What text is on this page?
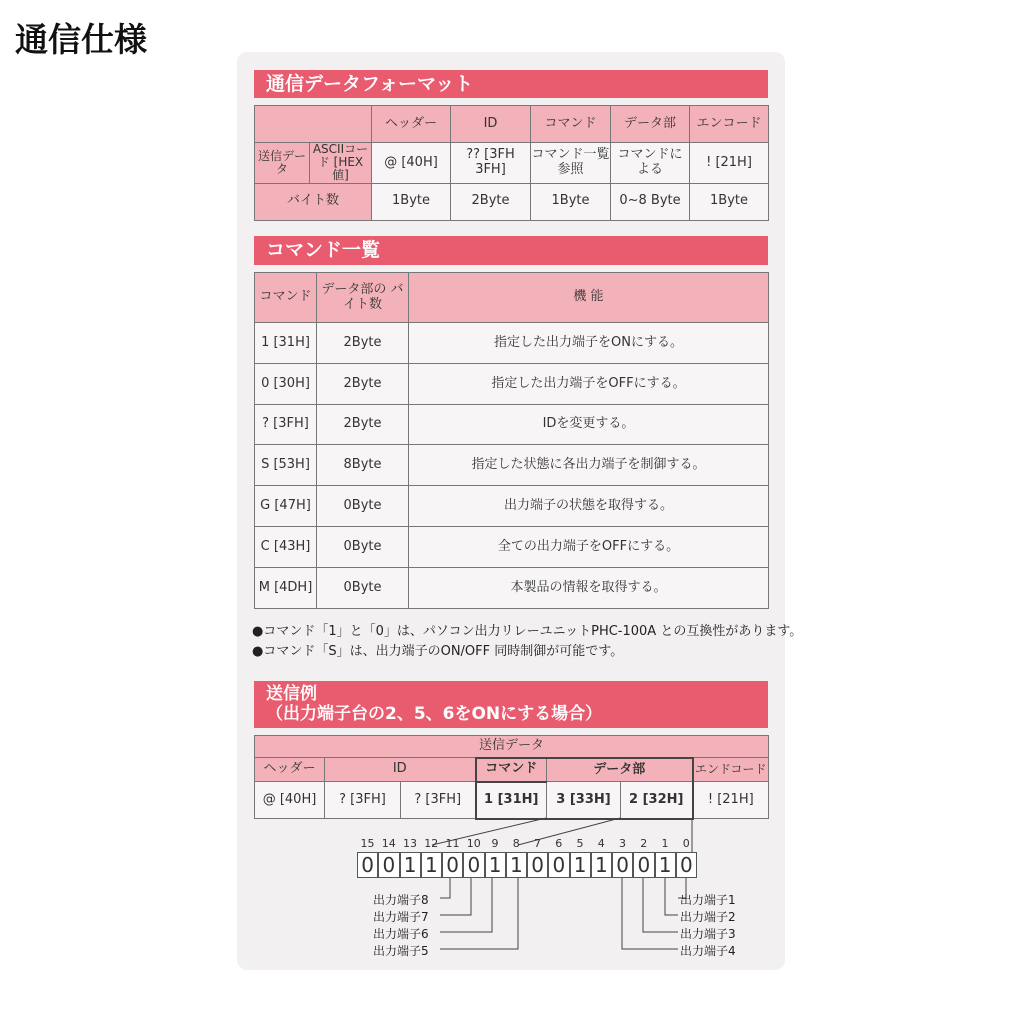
通信仕様
通信データフォーマット
		ヘッダー	ID	コマンド	データ部	エンコード
送信データ	ASCIIコード [HEX値]	@ [40H]	?? [3FH 3FH]	コマンド一覧 参照	コマンドに よる	! [21H]
バイト数		1Byte	2Byte	1Byte	0~8 Byte	1Byte
コマンド一覧
コマンド	データ部の バイト数	機 能
1 [31H]	2Byte	指定した出力端子をONにする。
0 [30H]	2Byte	指定した出力端子をOFFにする。
? [3FH]	2Byte	IDを変更する。
S [53H]	8Byte	指定した状態に各出力端子を制御する。
G [47H]	0Byte	出力端子の状態を取得する。
C [43H]	0Byte	全ての出力端子をOFFにする。
M [4DH]	0Byte	本製品の情報を取得する。
●コマンド「1」と「0」は、パソコン出力リレーユニットPHC-100A との互換性があります。
●コマンド「S」は、出力端子のON/OFF 同時制御が可能です。
送信例
（出力端子台の2、5、6をONにする場合）
送信データ						
ヘッダー	ID		コマンド	データ部		エンドコード
@ [40H]	? [3FH]	? [3FH]	1 [31H]	3 [33H]	2 [32H]	! [21H]
0
15
0
14
1
13
1
12
0
11
0
10
1
9
1
8
0
7
0
6
1
5
1
4
0
3
0
2
1
1
0
0
出力端子8
出力端子7
出力端子6
出力端子5
出力端子1
出力端子2
出力端子3
出力端子4
